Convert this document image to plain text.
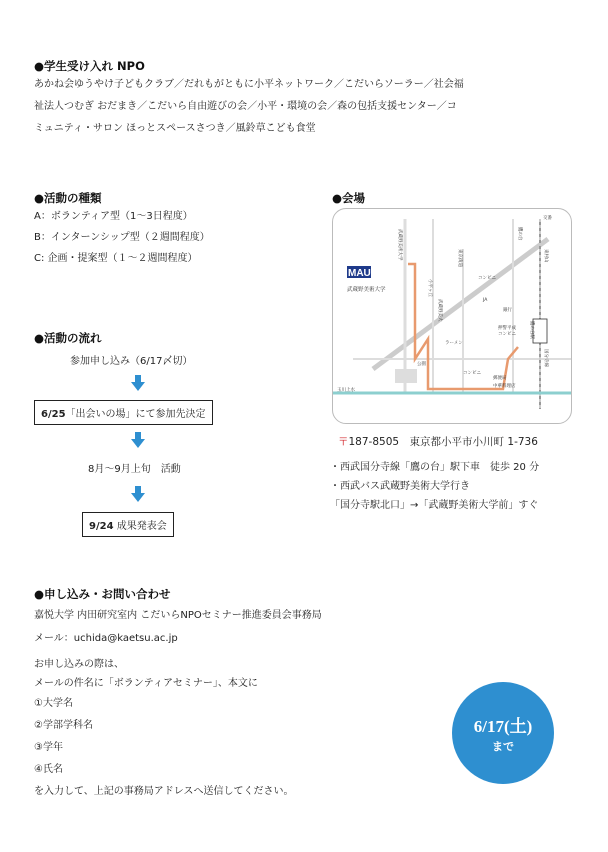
●学生受け入れ NPO
あかね会ゆうやけ子どもクラブ／だれもがともに小平ネットワーク／こだいらソーラー／社会福
祉法人つむぎ おだまき／こだいら自由遊びの会／小平・環境の会／森の包括支援センター／コ
ミュニティ・サロン ほっとスペースさつき／風鈴草こども食堂
●活動の種類
A：ボランティア型（1〜3日程度）
B：インターンシップ型（２週間程度）
C: 企画・提案型（１〜２週間程度）
●活動の流れ
参加申し込み（6/17〆切）
6/25「出会いの場」にて参加先決定
8月〜9月上旬　活動
9/24 成果発表会
●会場
MAU
武蔵野美術大学
武蔵野美術大学
小平ヶ丘
鷹の台
武蔵野美大
東京街道
コンビニ
コンビニ
コンビニ
JA
銀行
押警平成	鷹の台駅
国分寺線
東村山
公園
ラーメン
郵便局
中華料理店
玉川上水
交番
〒187-8505　東京都小平市小川町 1-736
・西武国分寺線「鷹の台」駅下車　徒歩 20 分
・西武バス武蔵野美術大学行き
「国分寺駅北口」→「武蔵野美術大学前」すぐ
●申し込み・お問い合わせ
嘉悦大学 内田研究室内 こだいらNPOセミナー推進委員会事務局
メール：uchida@kaetsu.ac.jp
お申し込みの際は、
メールの件名に「ボランティアセミナー」、本文に
①大学名
②学部学科名
③学年
④氏名
を入力して、上記の事務局アドレスへ送信してください。
6/17(土)
まで
